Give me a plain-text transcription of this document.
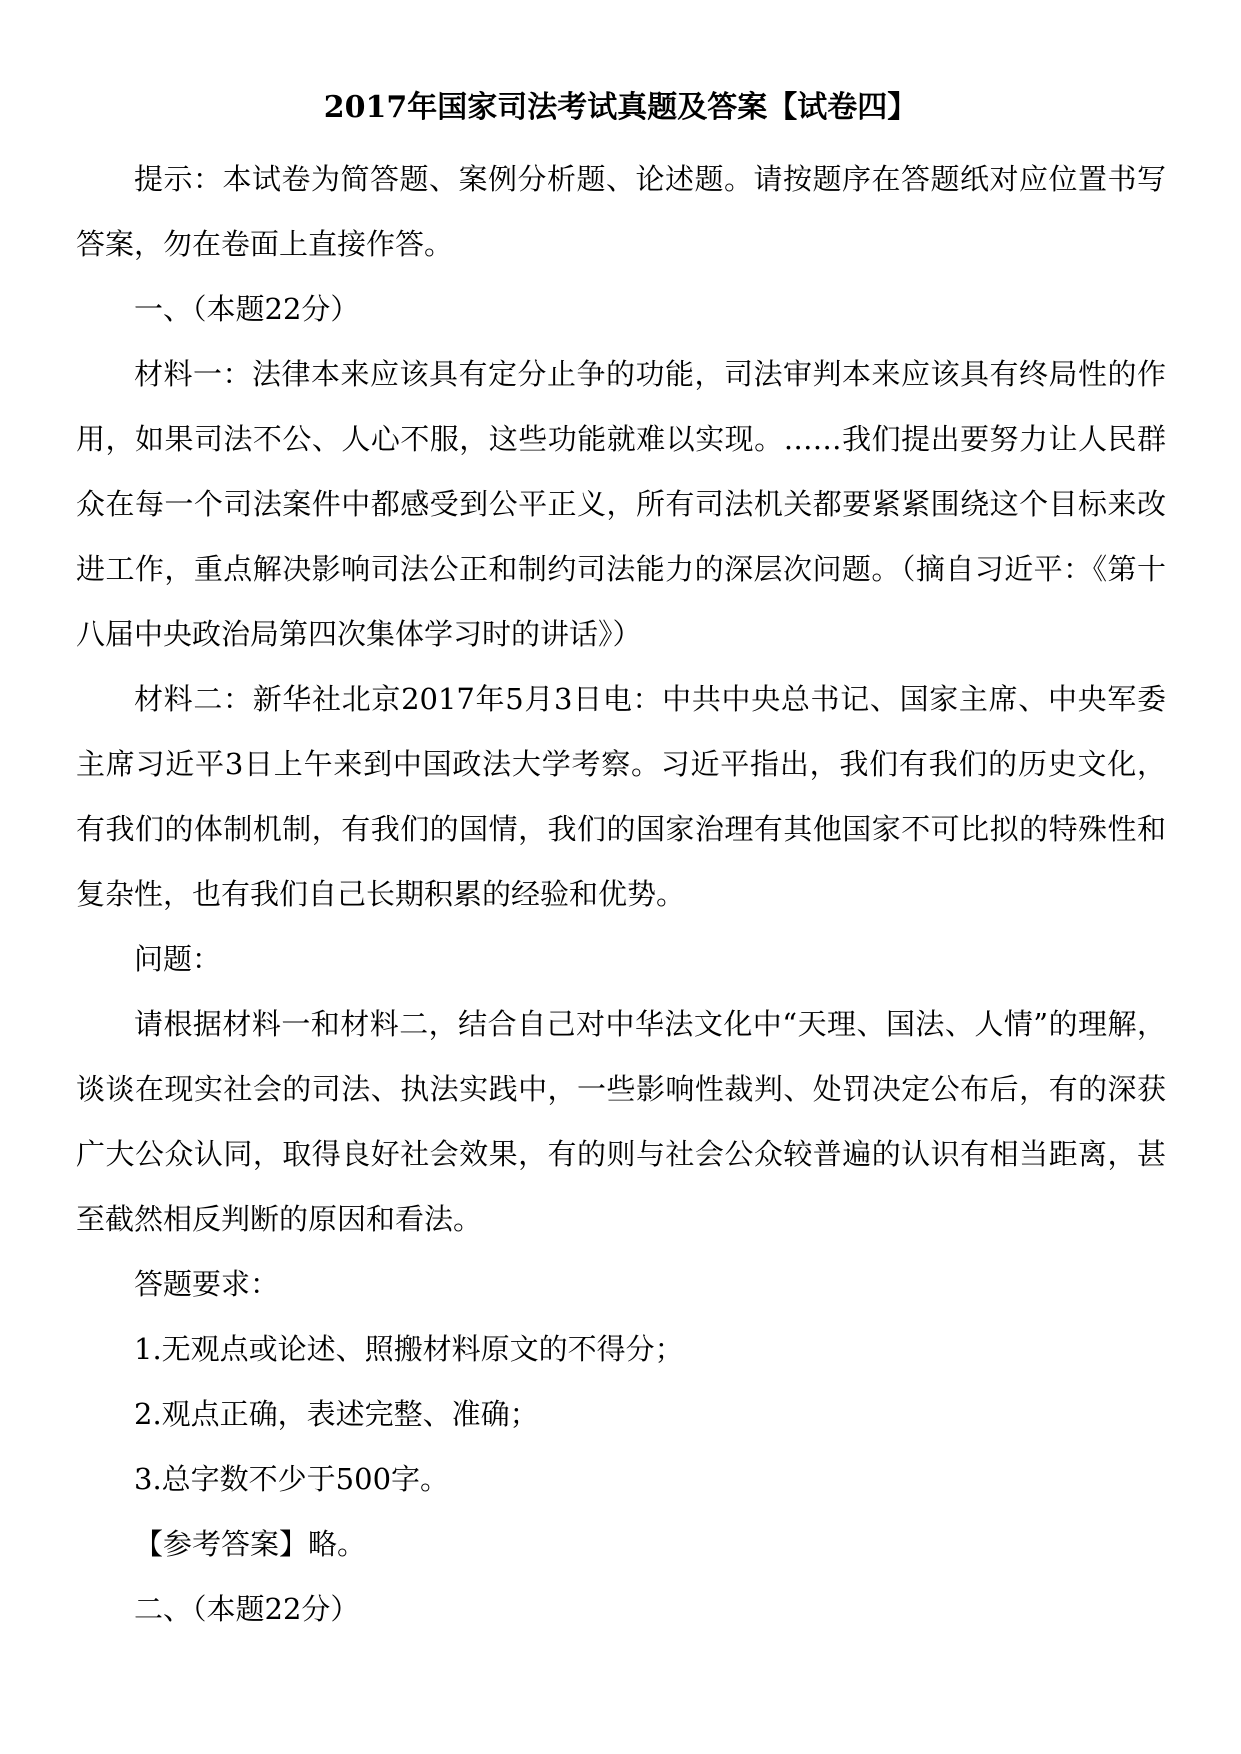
2017年国家司法考试真题及答案【试卷四】

提示：本试卷为简答题、案例分析题、论述题。请按题序在答题纸对应位置书写答案，勿在卷面上直接作答。

一、（本题22分）

材料一：法律本来应该具有定分止争的功能，司法审判本来应该具有终局性的作用，如果司法不公、人心不服，这些功能就难以实现。……我们提出要努力让人民群众在每一个司法案件中都感受到公平正义，所有司法机关都要紧紧围绕这个目标来改进工作，重点解决影响司法公正和制约司法能力的深层次问题。（摘自习近平：《第十八届中央政治局第四次集体学习时的讲话》）

材料二：新华社北京2017年5月3日电：中共中央总书记、国家主席、中央军委主席习近平3日上午来到中国政法大学考察。习近平指出，我们有我们的历史文化，有我们的体制机制，有我们的国情，我们的国家治理有其他国家不可比拟的特殊性和复杂性，也有我们自己长期积累的经验和优势。

问题：

请根据材料一和材料二，结合自己对中华法文化中“天理、国法、人情”的理解，谈谈在现实社会的司法、执法实践中，一些影响性裁判、处罚决定公布后，有的深获广大公众认同，取得良好社会效果，有的则与社会公众较普遍的认识有相当距离，甚至截然相反判断的原因和看法。

答题要求：

1.无观点或论述、照搬材料原文的不得分；

2.观点正确，表述完整、准确；

3.总字数不少于500字。

【参考答案】略。

二、（本题22分）
